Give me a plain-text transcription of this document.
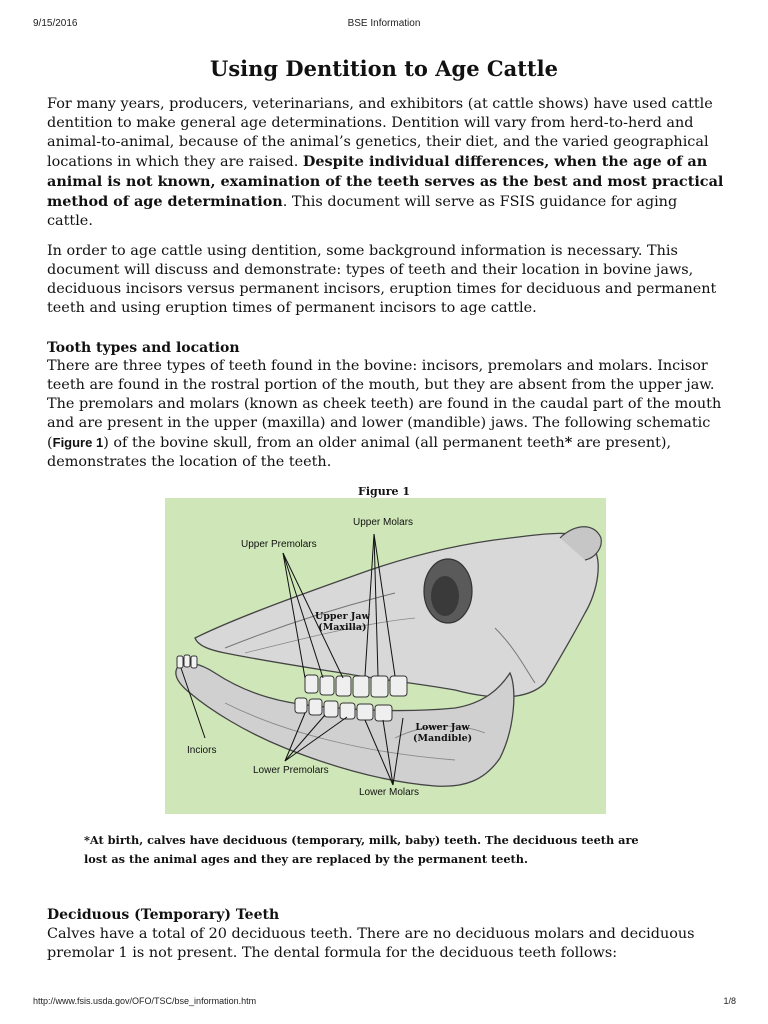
9/15/2016	BSE Information
Using Dentition to Age Cattle

For many years, producers, veterinarians, and exhibitors (at cattle shows) have used cattle dentition to make general age determinations. Dentition will vary from herd-to-herd and animal-to-animal, because of the animal’s genetics, their diet, and the varied geographical locations in which they are raised. Despite individual differences, when the age of an animal is not known, examination of the teeth serves as the best and most practical method of age determination. This document will serve as FSIS guidance for aging cattle.

In order to age cattle using dentition, some background information is necessary. This document will discuss and demonstrate: types of teeth and their location in bovine jaws, deciduous incisors versus permanent incisors, eruption times for deciduous and permanent teeth and using eruption times of permanent incisors to age cattle.

Tooth types and location

There are three types of teeth found in the bovine: incisors, premolars and molars. Incisor teeth are found in the rostral portion of the mouth, but they are absent from the upper jaw. The premolars and molars (known as cheek teeth) are found in the caudal part of the mouth and are present in the upper (maxilla) and lower (mandible) jaws. The following schematic (Figure 1) of the bovine skull, from an older animal (all permanent teeth* are present), demonstrates the location of the teeth.

Figure 1
Upper Molars
Upper Premolars
Upper Jaw
(Maxilla)
Lower Jaw
(Mandible)
Inciors
Lower Premolars
Lower Molars
*At birth, calves have deciduous (temporary, milk, baby) teeth. The deciduous teeth are
lost as the animal ages and they are replaced by the permanent teeth.
Deciduous (Temporary) Teeth

Calves have a total of 20 deciduous teeth. There are no deciduous molars and deciduous premolar 1 is not present. The dental formula for the deciduous teeth follows:

http://www.fsis.usda.gov/OFO/TSC/bse_information.htm	1/8
